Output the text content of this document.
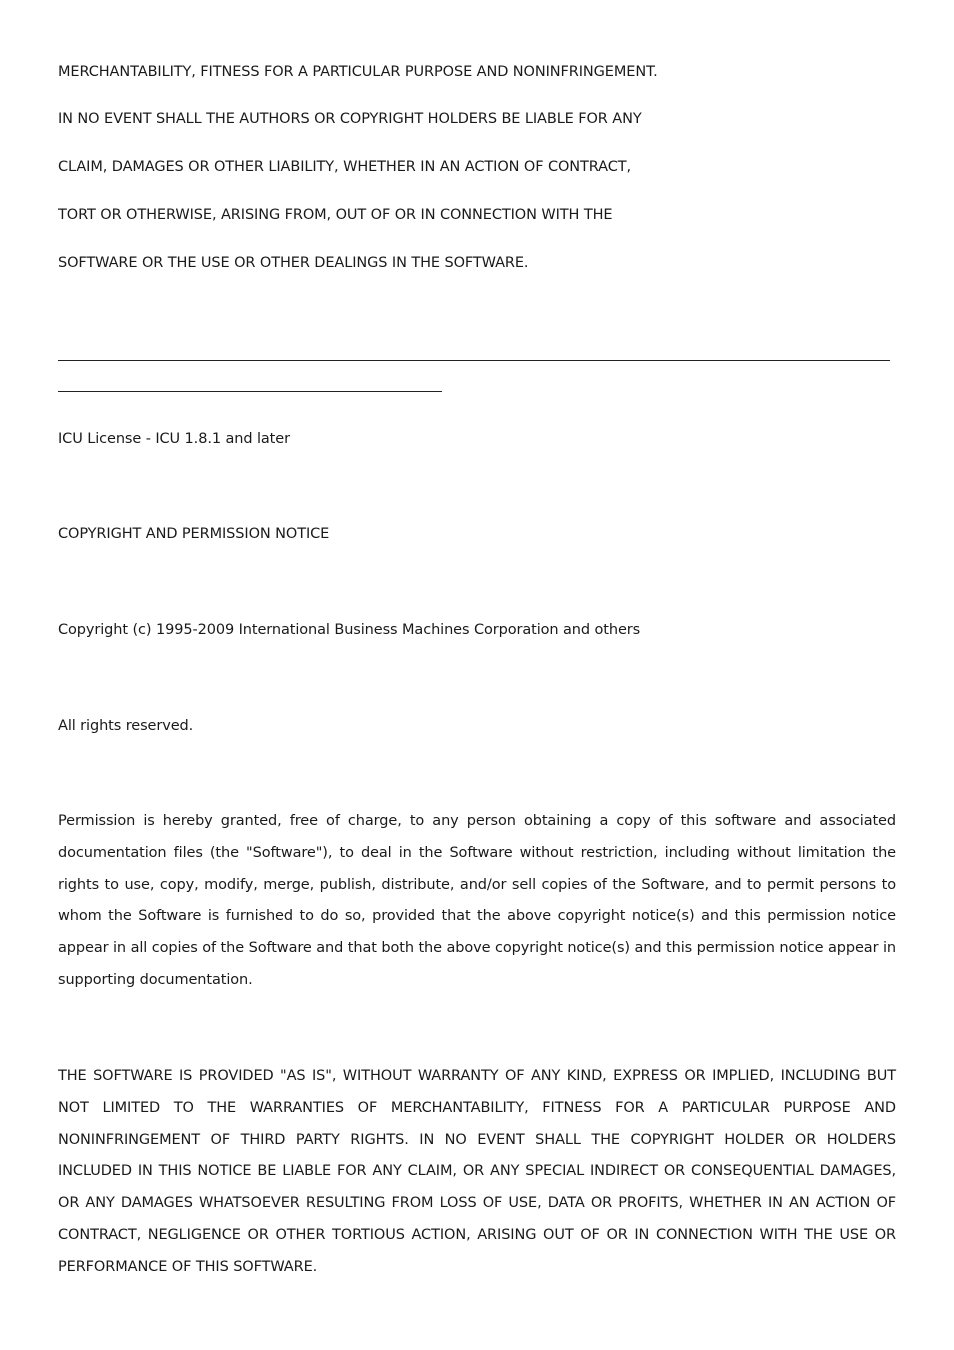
MERCHANTABILITY, FITNESS FOR A PARTICULAR PURPOSE AND NONINFRINGEMENT.
IN NO EVENT SHALL THE AUTHORS OR COPYRIGHT HOLDERS BE LIABLE FOR ANY
CLAIM, DAMAGES OR OTHER LIABILITY, WHETHER IN AN ACTION OF CONTRACT,
TORT OR OTHERWISE, ARISING FROM, OUT OF OR IN CONNECTION WITH THE
SOFTWARE OR THE USE OR OTHER DEALINGS IN THE SOFTWARE.
ICU License - ICU 1.8.1 and later
COPYRIGHT AND PERMISSION NOTICE
Copyright (c) 1995-2009 International Business Machines Corporation and others
All rights reserved.
Permission is hereby granted, free of charge, to any person obtaining a copy of this software and associated documentation files (the "Software"), to deal in the Software without restriction, including without limitation the rights to use, copy, modify, merge, publish, distribute, and/or sell copies of the Software, and to permit persons to whom the Software is furnished to do so, provided that the above copyright notice(s) and this permission notice appear in all copies of the Software and that both the above copyright notice(s) and this permission notice appear in supporting documentation.
THE SOFTWARE IS PROVIDED "AS IS", WITHOUT WARRANTY OF ANY KIND, EXPRESS OR IMPLIED, INCLUDING BUT NOT LIMITED TO THE WARRANTIES OF MERCHANTABILITY, FITNESS FOR A PARTICULAR PURPOSE AND NONINFRINGEMENT OF THIRD PARTY RIGHTS. IN NO EVENT SHALL THE COPYRIGHT HOLDER OR HOLDERS INCLUDED IN THIS NOTICE BE LIABLE FOR ANY CLAIM, OR ANY SPECIAL INDIRECT OR CONSEQUENTIAL DAMAGES, OR ANY DAMAGES WHATSOEVER RESULTING FROM LOSS OF USE, DATA OR PROFITS, WHETHER IN AN ACTION OF CONTRACT, NEGLIGENCE OR OTHER TORTIOUS ACTION, ARISING OUT OF OR IN CONNECTION WITH THE USE OR PERFORMANCE OF THIS SOFTWARE.
